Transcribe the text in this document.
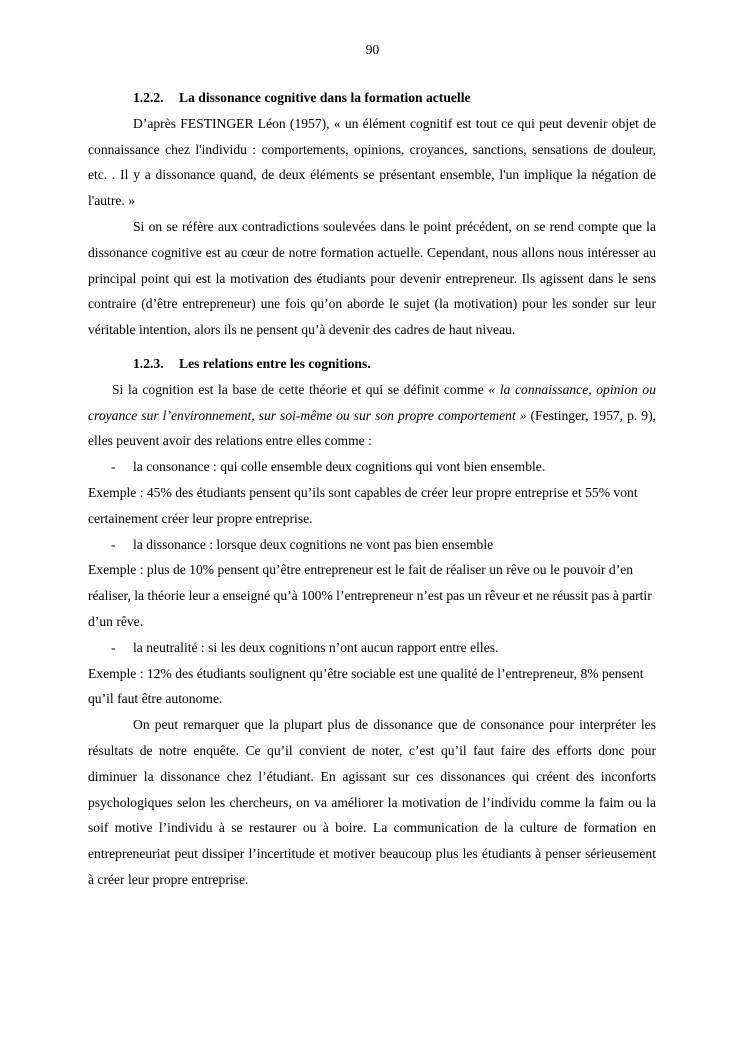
90
1.2.2. La dissonance cognitive dans la formation actuelle

D’après FESTINGER Léon (1957), « un élément cognitif est tout ce qui peut devenir objet de connaissance chez l'individu : comportements, opinions, croyances, sanctions, sensations de douleur, etc. . Il y a dissonance quand, de deux éléments se présentant ensemble, l'un implique la négation de l'autre. »

Si on se réfère aux contradictions soulevées dans le point précédent, on se rend compte que la dissonance cognitive est au cœur de notre formation actuelle. Cependant, nous allons nous intéresser au principal point qui est la motivation des étudiants pour devenir entrepreneur. Ils agissent dans le sens contraire (d’être entrepreneur) une fois qu’on aborde le sujet (la motivation) pour les sonder sur leur véritable intention, alors ils ne pensent qu’à devenir des cadres de haut niveau.

1.2.3. Les relations entre les cognitions.

Si la cognition est la base de cette théorie et qui se définit comme « la connaissance, opinion ou croyance sur l’environnement, sur soi-même ou sur son propre comportement » (Festinger, 1957, p. 9), elles peuvent avoir des relations entre elles comme :

- la consonance : qui colle ensemble deux cognitions qui vont bien ensemble.

Exemple : 45% des étudiants pensent qu’ils sont capables de créer leur propre entreprise et 55% vont certainement créer leur propre entreprise.

- la dissonance : lorsque deux cognitions ne vont pas bien ensemble

Exemple : plus de 10% pensent qu’être entrepreneur est le fait de réaliser un rêve ou le pouvoir d’en réaliser, la théorie leur a enseigné qu’à 100% l’entrepreneur n’est pas un rêveur et ne réussit pas à partir d’un rêve.

- la neutralité : si les deux cognitions n’ont aucun rapport entre elles.

Exemple : 12% des étudiants soulignent qu’être sociable est une qualité de l’entrepreneur, 8% pensent qu’il faut être autonome.

On peut remarquer que la plupart plus de dissonance que de consonance pour interpréter les résultats de notre enquête. Ce qu’il convient de noter, c’est qu’il faut faire des efforts donc pour diminuer la dissonance chez l’étudiant. En agissant sur ces dissonances qui créent des inconforts psychologiques selon les chercheurs, on va améliorer la motivation de l’individu comme la faim ou la soif motive l’individu à se restaurer ou à boire. La communication de la culture de formation en entrepreneuriat peut dissiper l’incertitude et motiver beaucoup plus les étudiants à penser sérieusement à créer leur propre entreprise.
